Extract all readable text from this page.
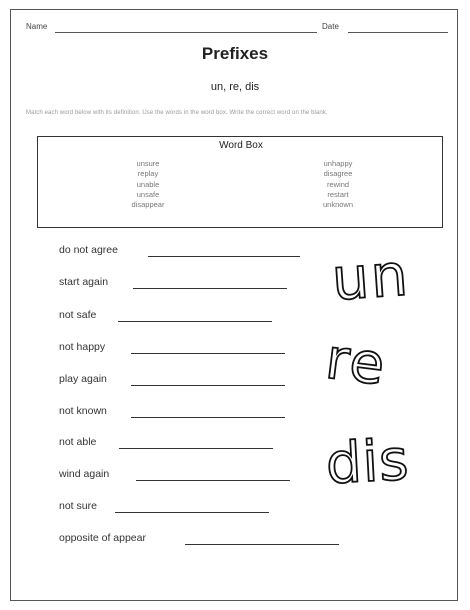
Name	Date
Prefixes
un, re, dis
Match each word below with its definition. Use the words in the word box. Write the correct word on the blank.
Word Box
unsure
replay
unable
unsafe
disappear
unhappy
disagree
rewind
restart
unknown
do not agree
start again
not safe
not happy
play again
not known
not able
wind again
not sure
opposite of appear
un
re
dis
